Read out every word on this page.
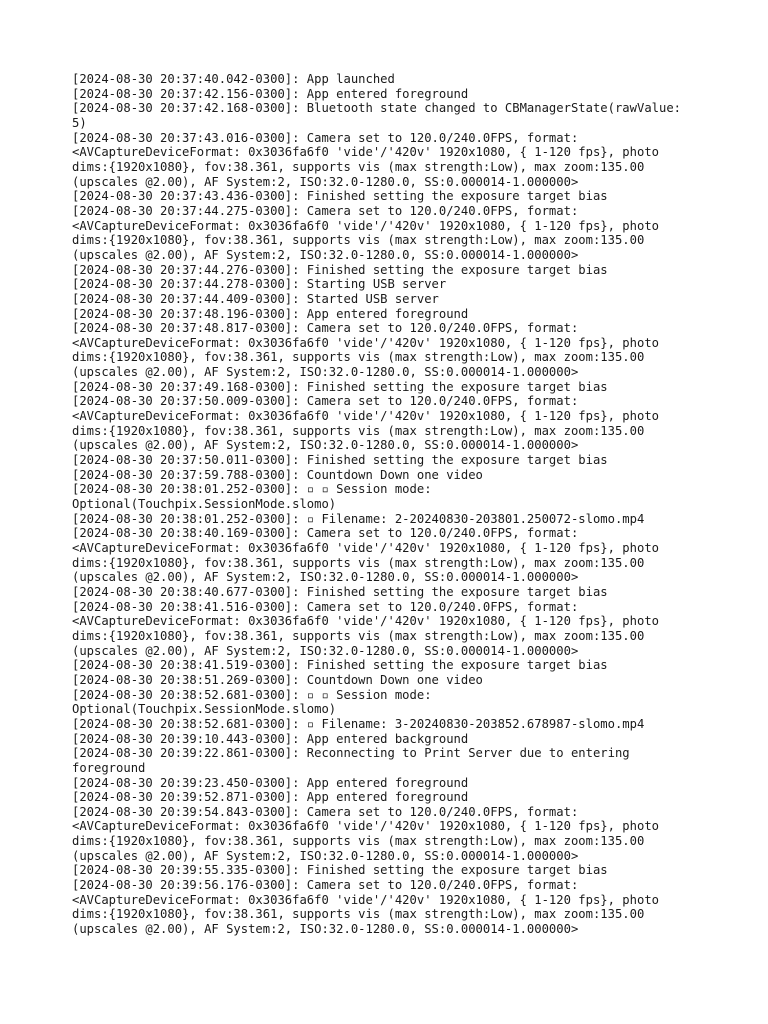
[2024-08-30 20:37:40.042-0300]: App launched

[2024-08-30 20:37:42.156-0300]: App entered foreground

[2024-08-30 20:37:42.168-0300]: Bluetooth state changed to CBManagerState(rawValue:
5)

[2024-08-30 20:37:43.016-0300]: Camera set to 120.0/240.0FPS, format:
<AVCaptureDeviceFormat: 0x3036fa6f0 'vide'/'420v' 1920x1080, { 1-120 fps}, photo
dims:{1920x1080}, fov:38.361, supports vis (max strength:Low), max zoom:135.00
(upscales @2.00), AF System:2, ISO:32.0-1280.0, SS:0.000014-1.000000>

[2024-08-30 20:37:43.436-0300]: Finished setting the exposure target bias

[2024-08-30 20:37:44.275-0300]: Camera set to 120.0/240.0FPS, format:
<AVCaptureDeviceFormat: 0x3036fa6f0 'vide'/'420v' 1920x1080, { 1-120 fps}, photo
dims:{1920x1080}, fov:38.361, supports vis (max strength:Low), max zoom:135.00
(upscales @2.00), AF System:2, ISO:32.0-1280.0, SS:0.000014-1.000000>

[2024-08-30 20:37:44.276-0300]: Finished setting the exposure target bias

[2024-08-30 20:37:44.278-0300]: Starting USB server

[2024-08-30 20:37:44.409-0300]: Started USB server

[2024-08-30 20:37:48.196-0300]: App entered foreground

[2024-08-30 20:37:48.817-0300]: Camera set to 120.0/240.0FPS, format:
<AVCaptureDeviceFormat: 0x3036fa6f0 'vide'/'420v' 1920x1080, { 1-120 fps}, photo
dims:{1920x1080}, fov:38.361, supports vis (max strength:Low), max zoom:135.00
(upscales @2.00), AF System:2, ISO:32.0-1280.0, SS:0.000014-1.000000>

[2024-08-30 20:37:49.168-0300]: Finished setting the exposure target bias

[2024-08-30 20:37:50.009-0300]: Camera set to 120.0/240.0FPS, format:
<AVCaptureDeviceFormat: 0x3036fa6f0 'vide'/'420v' 1920x1080, { 1-120 fps}, photo
dims:{1920x1080}, fov:38.361, supports vis (max strength:Low), max zoom:135.00
(upscales @2.00), AF System:2, ISO:32.0-1280.0, SS:0.000014-1.000000>

[2024-08-30 20:37:50.011-0300]: Finished setting the exposure target bias

[2024-08-30 20:37:59.788-0300]: Countdown Down one video

[2024-08-30 20:38:01.252-0300]: ▫ ▫ Session mode:
Optional(Touchpix.SessionMode.slomo)

[2024-08-30 20:38:01.252-0300]: ▫ Filename: 2-20240830-203801.250072-slomo.mp4

[2024-08-30 20:38:40.169-0300]: Camera set to 120.0/240.0FPS, format:
<AVCaptureDeviceFormat: 0x3036fa6f0 'vide'/'420v' 1920x1080, { 1-120 fps}, photo
dims:{1920x1080}, fov:38.361, supports vis (max strength:Low), max zoom:135.00
(upscales @2.00), AF System:2, ISO:32.0-1280.0, SS:0.000014-1.000000>

[2024-08-30 20:38:40.677-0300]: Finished setting the exposure target bias

[2024-08-30 20:38:41.516-0300]: Camera set to 120.0/240.0FPS, format:
<AVCaptureDeviceFormat: 0x3036fa6f0 'vide'/'420v' 1920x1080, { 1-120 fps}, photo
dims:{1920x1080}, fov:38.361, supports vis (max strength:Low), max zoom:135.00
(upscales @2.00), AF System:2, ISO:32.0-1280.0, SS:0.000014-1.000000>

[2024-08-30 20:38:41.519-0300]: Finished setting the exposure target bias

[2024-08-30 20:38:51.269-0300]: Countdown Down one video

[2024-08-30 20:38:52.681-0300]: ▫ ▫ Session mode:
Optional(Touchpix.SessionMode.slomo)

[2024-08-30 20:38:52.681-0300]: ▫ Filename: 3-20240830-203852.678987-slomo.mp4

[2024-08-30 20:39:10.443-0300]: App entered background

[2024-08-30 20:39:22.861-0300]: Reconnecting to Print Server due to entering
foreground

[2024-08-30 20:39:23.450-0300]: App entered foreground

[2024-08-30 20:39:52.871-0300]: App entered foreground

[2024-08-30 20:39:54.843-0300]: Camera set to 120.0/240.0FPS, format:
<AVCaptureDeviceFormat: 0x3036fa6f0 'vide'/'420v' 1920x1080, { 1-120 fps}, photo
dims:{1920x1080}, fov:38.361, supports vis (max strength:Low), max zoom:135.00
(upscales @2.00), AF System:2, ISO:32.0-1280.0, SS:0.000014-1.000000>

[2024-08-30 20:39:55.335-0300]: Finished setting the exposure target bias

[2024-08-30 20:39:56.176-0300]: Camera set to 120.0/240.0FPS, format:
<AVCaptureDeviceFormat: 0x3036fa6f0 'vide'/'420v' 1920x1080, { 1-120 fps}, photo
dims:{1920x1080}, fov:38.361, supports vis (max strength:Low), max zoom:135.00
(upscales @2.00), AF System:2, ISO:32.0-1280.0, SS:0.000014-1.000000>
